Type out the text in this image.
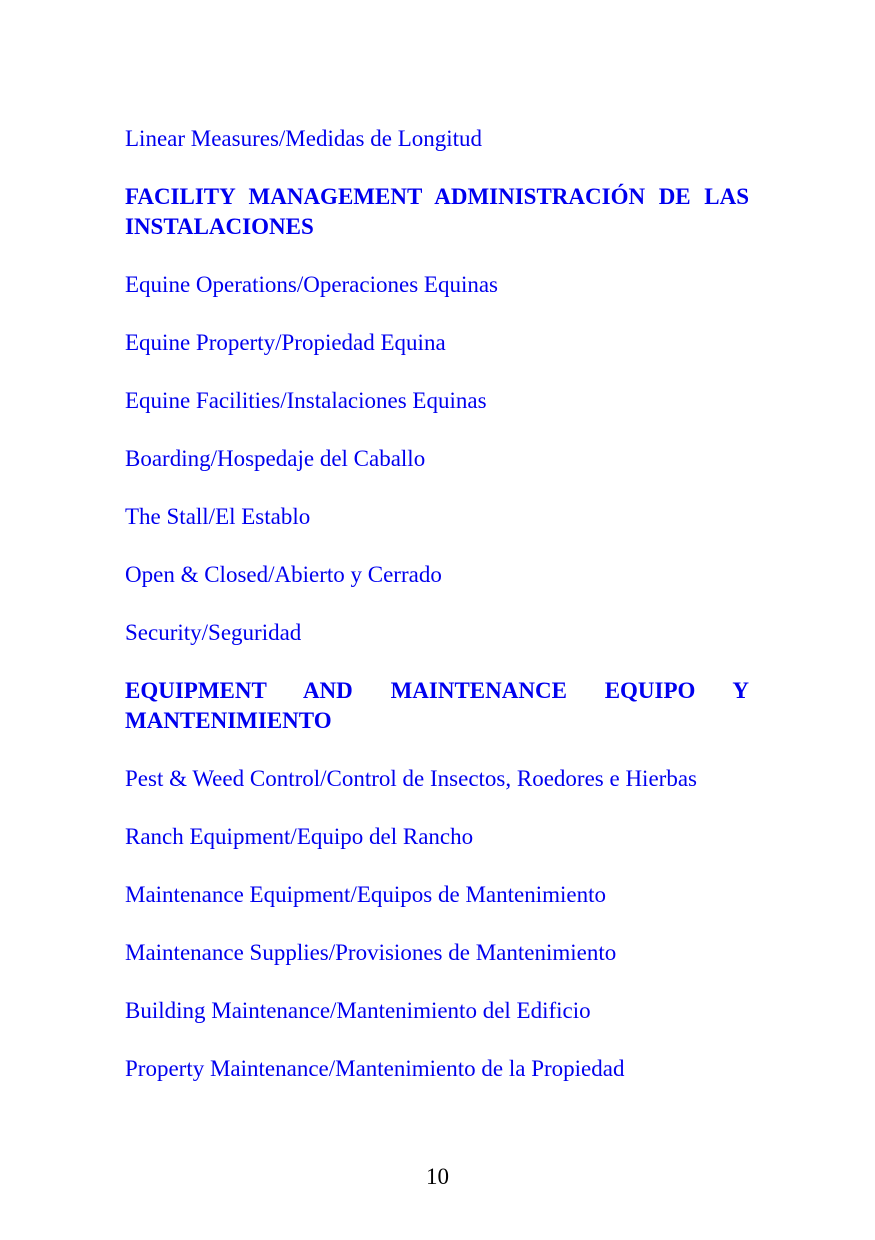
Linear Measures/Medidas de Longitud

FACILITY MANAGEMENT ADMINISTRACIÓN DE LAS INSTALACIONES

Equine Operations/Operaciones Equinas

Equine Property/Propiedad Equina

Equine Facilities/Instalaciones Equinas

Boarding/Hospedaje del Caballo

The Stall/El Establo

Open & Closed/Abierto y Cerrado

Security/Seguridad

EQUIPMENT AND MAINTENANCE EQUIPO Y MANTENIMIENTO

Pest & Weed Control/Control de Insectos, Roedores e Hierbas

Ranch Equipment/Equipo del Rancho

Maintenance Equipment/Equipos de Mantenimiento

Maintenance Supplies/Provisiones de Mantenimiento

Building Maintenance/Mantenimiento del Edificio

Property Maintenance/Mantenimiento de la Propiedad

10
